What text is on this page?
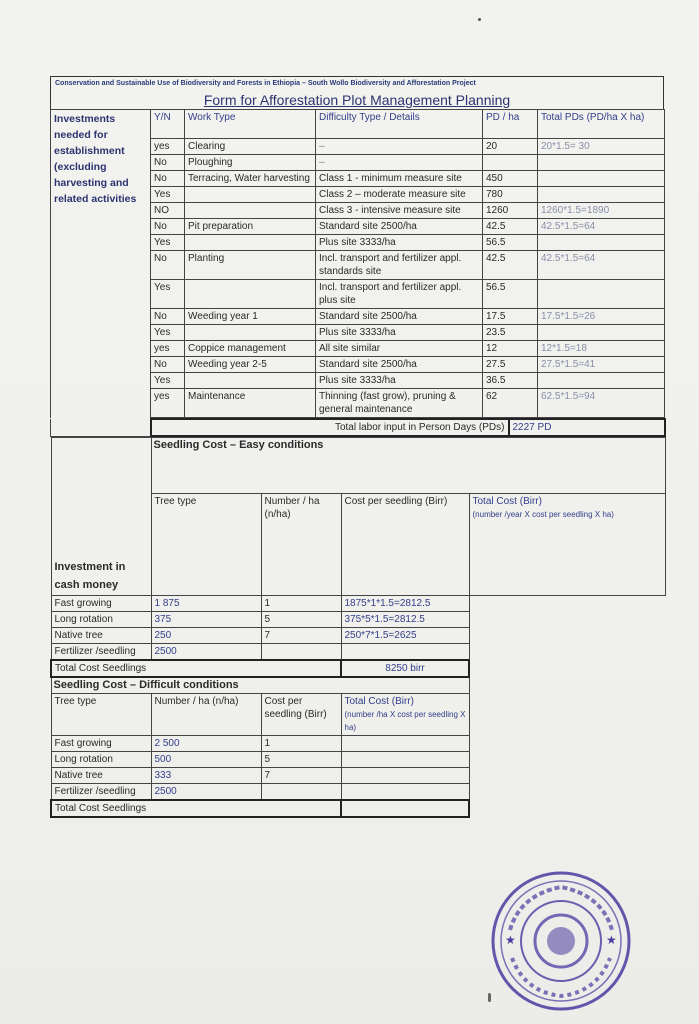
Conservation and Sustainable Use of Biodiversity and Forests in Ethiopia – South Wollo Biodiversity and Afforestation Project
Form for Afforestation Plot Management Planning
Investments needed for establishment (excluding harvesting and related activities	Y/N	Work Type	Difficulty Type / Details	PD / ha	Total PDs (PD/ha X ha)
	yes	Clearing	–	20	20*1.5= 30
	No	Ploughing	–		
	No	Terracing, Water harvesting	Class 1 - minimum measure site	450	
	Yes		Class 2 – moderate measure site	780	
	NO		Class 3 - intensive measure site	1260	1260*1.5=1890
	No	Pit preparation	Standard site 2500/ha	42.5	42.5*1.5=64
	Yes		Plus site 3333/ha	56.5	
	No	Planting	Incl. transport and fertilizer appl. standards site	42.5	42.5*1.5=64
	Yes		Incl. transport and fertilizer appl. plus site	56.5	
	No	Weeding year 1	Standard site 2500/ha	17.5	17.5*1.5=26
	Yes		Plus site 3333/ha	23.5	
	yes	Coppice management	All site similar	12	12*1.5=18
	No	Weeding year 2-5	Standard site 2500/ha	27.5	27.5*1.5=41
	Yes		Plus site 3333/ha	36.5	
	yes	Maintenance	Thinning (fast grow), pruning & general maintenance	62	62.5*1.5=94
	Total labor input in Person Days (PDs)	2227 PD
Investment in cash money	Seedling Cost – Easy conditions			
	Tree type	Number / ha (n/ha)	Cost per seedling (Birr)	Total Cost (Birr)
(number /year X cost per seedling X ha)

Fast growing	1 875	1	1875*1*1.5=2812.5	
Long rotation	375	5	375*5*1.5=2812.5	
Native tree	250	7	250*7*1.5=2625	
Fertilizer /seedling	2500			
Total Cost Seedlings			8250 birr	
Seedling Cost – Difficult conditions				
Tree type	Number / ha (n/ha)	Cost per seedling (Birr)	Total Cost (Birr)
(number /ha X cost per seedling X ha)	

Fast growing	2 500	1		
Long rotation	500	5		
Native tree	333	7		
Fertilizer /seedling	2500			
Total Cost Seedlings				
★	★
